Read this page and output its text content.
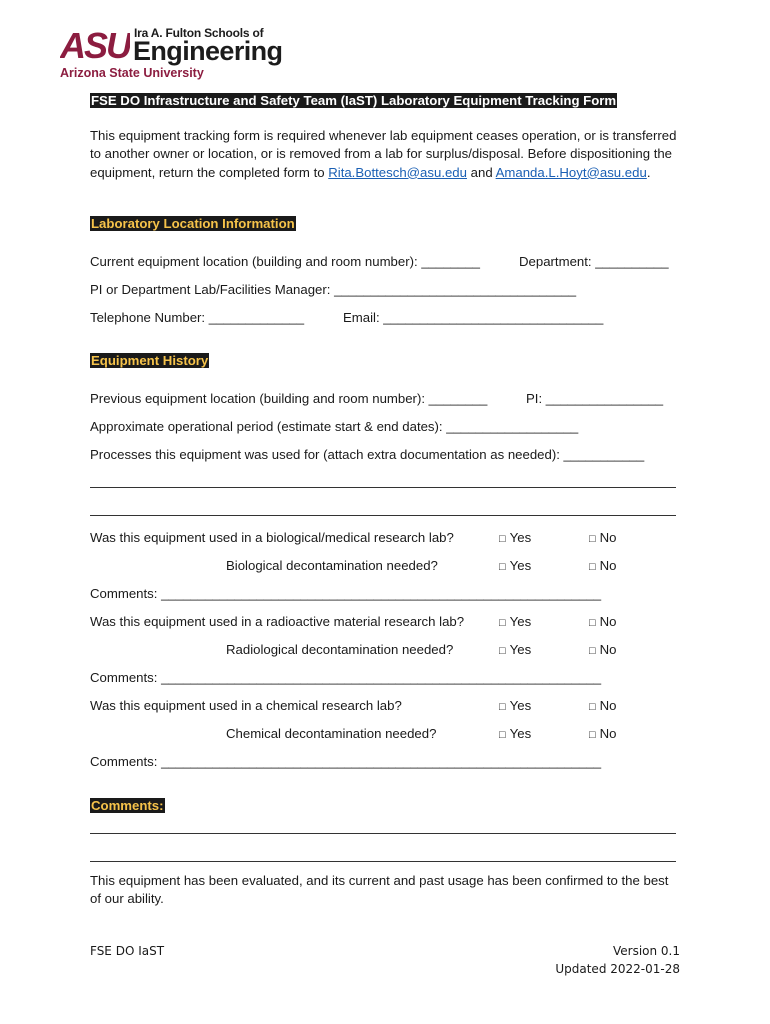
ASU Ira A. Fulton Schools of
Engineering
Arizona State University
FSE DO Infrastructure and Safety Team (IaST) Laboratory Equipment Tracking Form
This equipment tracking form is required whenever lab equipment ceases operation, or is transferred to another owner or location, or is removed from a lab for surplus/disposal. Before dispositioning the equipment, return the completed form to Rita.Bottesch@asu.edu and Amanda.L.Hoyt@asu.edu.
Laboratory Location Information
Current equipment location (building and room number): ________	Department: __________
PI or Department Lab/Facilities Manager: _________________________________
Telephone Number: _____________	Email: ______________________________
Equipment History
Previous equipment location (building and room number): ________	PI: ________________
Approximate operational period (estimate start & end dates): __________________
Processes this equipment was used for (attach extra documentation as needed): ___________
Was this equipment used in a biological/medical research lab?	□ Yes	□ No
Biological decontamination needed?	□ Yes	□ No
Comments: ____________________________________________________________
Was this equipment used in a radioactive material research lab?	□ Yes	□ No
Radiological decontamination needed?	□ Yes	□ No
Comments: ____________________________________________________________
Was this equipment used in a chemical research lab?	□ Yes	□ No
Chemical decontamination needed?	□ Yes	□ No
Comments: ____________________________________________________________
Comments:
This equipment has been evaluated, and its current and past usage has been confirmed to the best of our ability.
FSE DO IaST	Version 0.1
Updated 2022-01-28
